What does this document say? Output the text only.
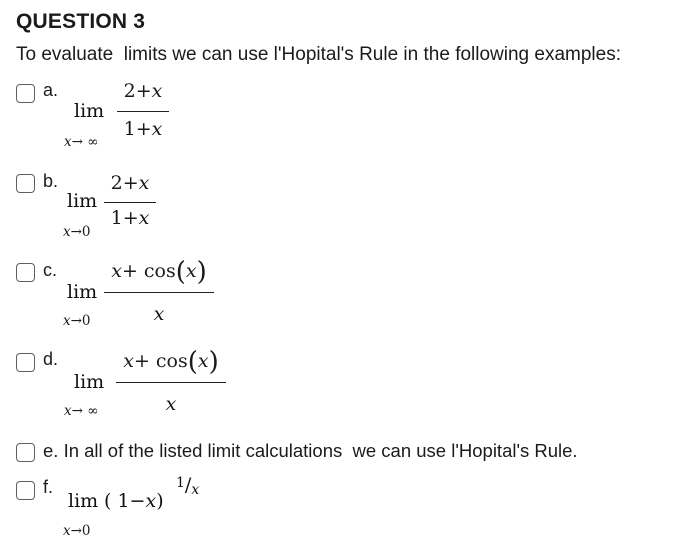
QUESTION 3
To evaluate  limits we can use l'Hopital's Rule in the following examples:
a.
lim
x→ ∞
2+x
1+x
b.
lim
x→0
2+x
1+x
c.
lim
x→0
x+ cos(x)
x
d.
lim
x→ ∞
x+ cos(x)
x
e. In all of the listed limit calculations  we can use l'Hopital's Rule.
f.
lim ( 1−x)
1/x
x→0
